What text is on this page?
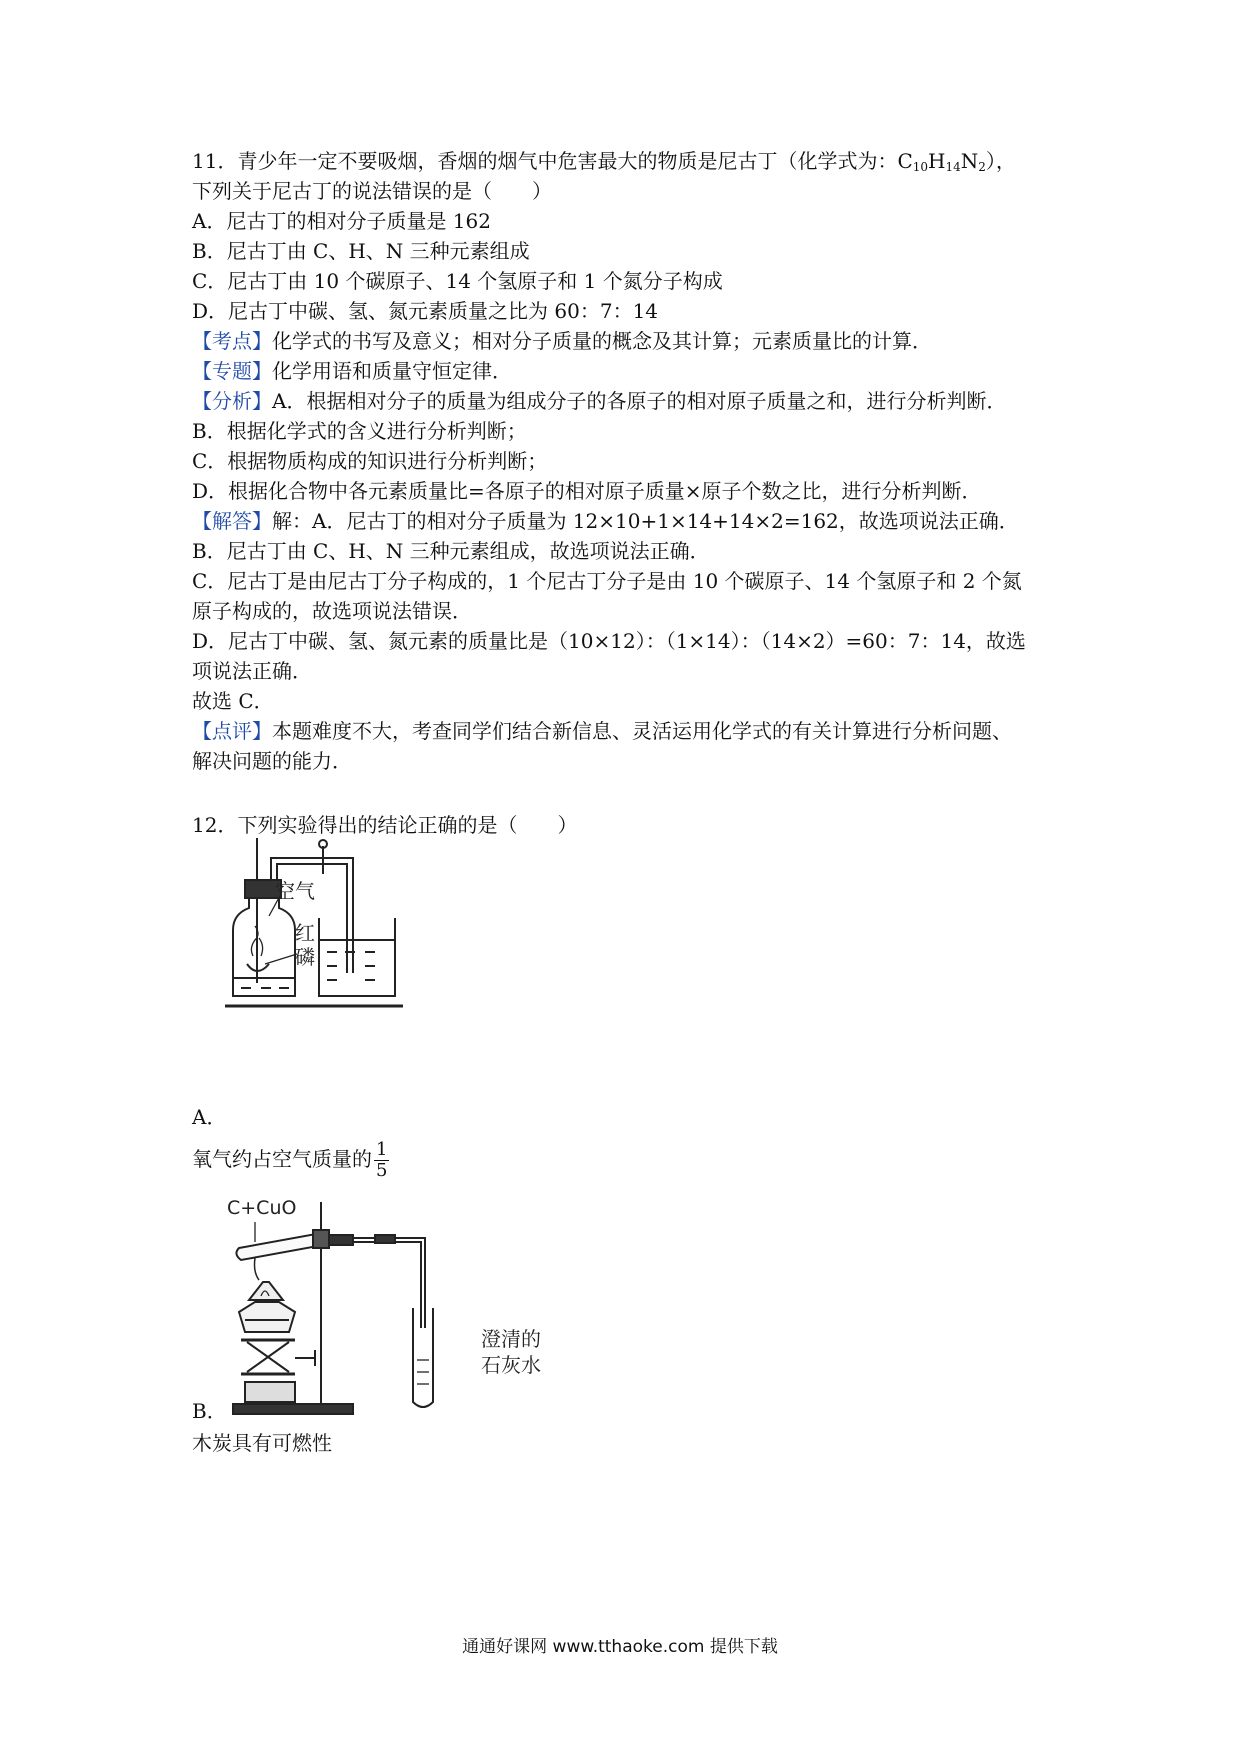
11．青少年一定不要吸烟，香烟的烟气中危害最大的物质是尼古丁（化学式为：$C_{10}H_{14}N_2$），
下列关于尼古丁的说法错误的是（　　）
A．尼古丁的相对分子质量是 162
B．尼古丁由 C、H、N 三种元素组成
C．尼古丁由 10 个碳原子、14 个氢原子和 1 个氮分子构成
D．尼古丁中碳、氢、氮元素质量之比为 60：7：14
【考点】化学式的书写及意义；相对分子质量的概念及其计算；元素质量比的计算．
【专题】化学用语和质量守恒定律．
【分析】A．根据相对分子的质量为组成分子的各原子的相对原子质量之和，进行分析判断．
B．根据化学式的含义进行分析判断；
C．根据物质构成的知识进行分析判断；
D．根据化合物中各元素质量比=各原子的相对原子质量×原子个数之比，进行分析判断．
【解答】解：A．尼古丁的相对分子质量为 12×10+1×14+14×2=162，故选项说法正确．
B．尼古丁由 C、H、N 三种元素组成，故选项说法正确．
C．尼古丁是由尼古丁分子构成的，1 个尼古丁分子是由 10 个碳原子、14 个氢原子和 2 个氮
原子构成的，故选项说法错误．
D．尼古丁中碳、氢、氮元素的质量比是（10×12）：（1×14）：（14×2）=60：7：14，故选
项说法正确．
故选 C．
【点评】本题难度不大，考查同学们结合新信息、灵活运用化学式的有关计算进行分析问题、
解决问题的能力．
12．下列实验得出的结论正确的是（　　）
空气
红
磷
A．
氧气约占空气质量的 $\frac{1}{5}$
C+CuO
澄清的
石灰水
B．
木炭具有可燃性
通通好课网 www.tthaoke.com 提供下载
